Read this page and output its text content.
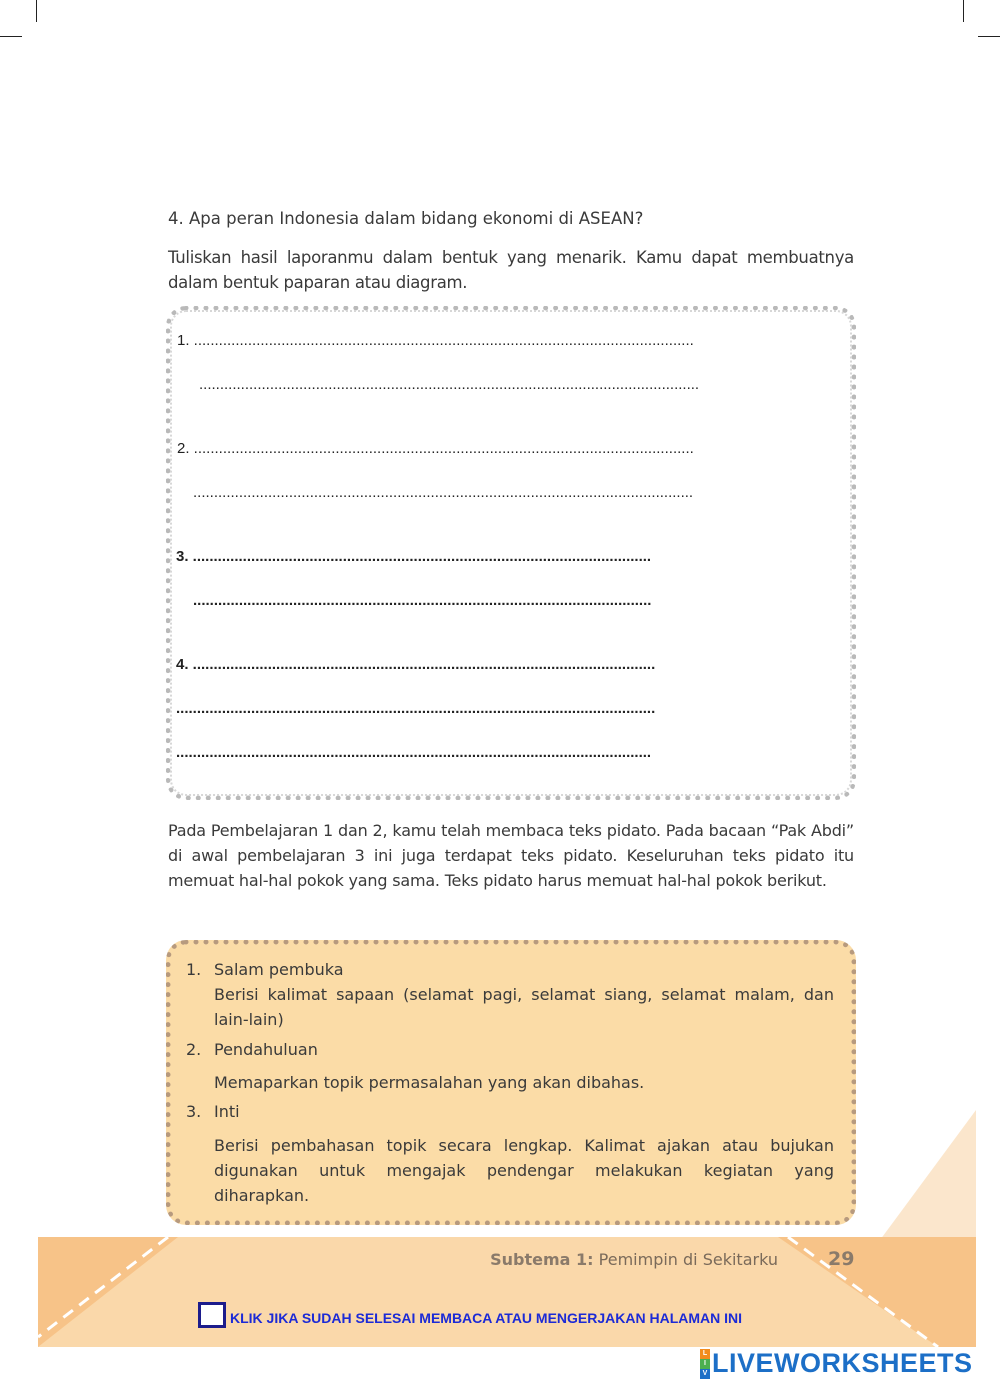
4. Apa peran Indonesia dalam bidang ekonomi di ASEAN?
Tuliskan hasil laporanmu dalam bentuk yang menarik. Kamu dapat membuatnya dalam bentuk paparan atau diagram.
1. ........................................................................................................................
........................................................................................................................
2. ........................................................................................................................
........................................................................................................................
3. ..............................................................................................................
..............................................................................................................
4. ...............................................................................................................
...................................................................................................................
..................................................................................................................
Pada Pembelajaran 1 dan 2, kamu telah membaca teks pidato. Pada bacaan “Pak Abdi” di awal pembelajaran 3 ini juga terdapat teks pidato. Keseluruhan teks pidato itu memuat hal-hal pokok yang sama. Teks pidato harus memuat hal-hal pokok berikut.
1. Salam pembuka
Berisi kalimat sapaan (selamat pagi, selamat siang, selamat malam, dan lain-lain)
2. Pendahuluan
Memaparkan topik permasalahan yang akan dibahas.
3. Inti
Berisi pembahasan topik secara lengkap. Kalimat ajakan atau bujukan digunakan untuk mengajak pendengar melakukan kegiatan yang diharapkan.
Subtema 1: Pemimpin di Sekitarku	29
KLIK JIKA SUDAH SELESAI MEMBACA ATAU MENGERJAKAN HALAMAN INI
L
I
V LIVEWORKSHEETS
